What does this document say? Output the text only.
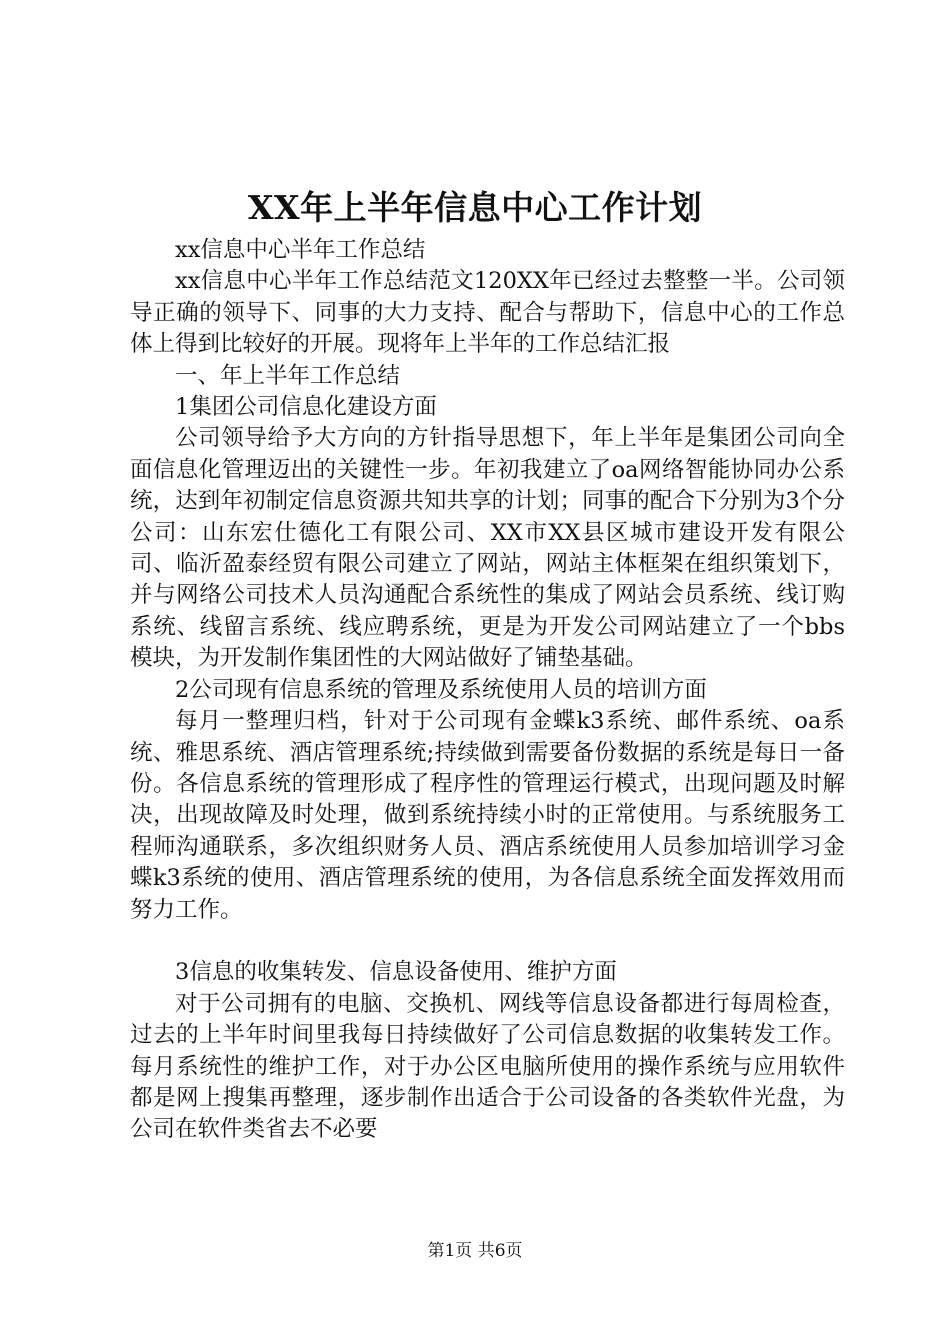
XX年上半年信息中心工作计划

xx信息中心半年工作总结

xx信息中心半年工作总结范文120XX年已经过去整整一半。公司领导正确的领导下、同事的大力支持、配合与帮助下，信息中心的工作总体上得到比较好的开展。现将年上半年的工作总结汇报

一、年上半年工作总结

1集团公司信息化建设方面

公司领导给予大方向的方针指导思想下，年上半年是集团公司向全面信息化管理迈出的关键性一步。年初我建立了oa网络智能协同办公系统，达到年初制定信息资源共知共享的计划；同事的配合下分别为3个分公司：山东宏仕德化工有限公司、XX市XX县区城市建设开发有限公司、临沂盈泰经贸有限公司建立了网站，网站主体框架在组织策划下，并与网络公司技术人员沟通配合系统性的集成了网站会员系统、线订购系统、线留言系统、线应聘系统，更是为开发公司网站建立了一个bbs模块，为开发制作集团性的大网站做好了铺垫基础。

2公司现有信息系统的管理及系统使用人员的培训方面

每月一整理归档，针对于公司现有金蝶k3系统、邮件系统、oa系统、雅思系统、酒店管理系统;持续做到需要备份数据的系统是每日一备份。各信息系统的管理形成了程序性的管理运行模式，出现问题及时解决，出现故障及时处理，做到系统持续小时的正常使用。与系统服务工程师沟通联系，多次组织财务人员、酒店系统使用人员参加培训学习金蝶k3系统的使用、酒店管理系统的使用，为各信息系统全面发挥效用而努力工作。

3信息的收集转发、信息设备使用、维护方面

对于公司拥有的电脑、交换机、网线等信息设备都进行每周检查，过去的上半年时间里我每日持续做好了公司信息数据的收集转发工作。每月系统性的维护工作，对于办公区电脑所使用的操作系统与应用软件都是网上搜集再整理，逐步制作出适合于公司设备的各类软件光盘，为公司在软件类省去不必要

第1页 共6页
